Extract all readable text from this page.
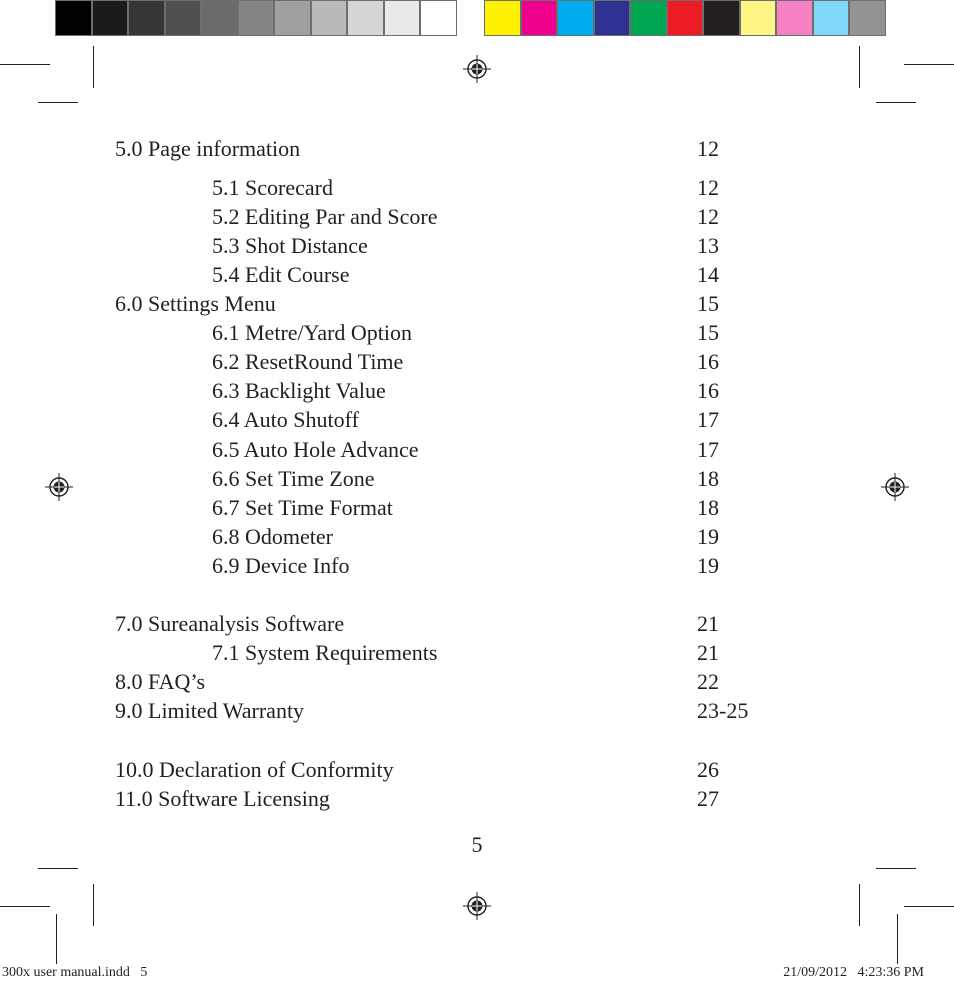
5.0 Page information	12
5.1 Scorecard	12
5.2 Editing Par and Score	12
5.3 Shot Distance	13
5.4 Edit Course	14
6.0 Settings Menu	15
6.1 Metre/Yard Option	15
6.2 ResetRound Time	16
6.3 Backlight Value	16
6.4 Auto Shutoff	17
6.5 Auto Hole Advance	17
6.6 Set Time Zone	18
6.7 Set Time Format	18
6.8 Odometer	19
6.9 Device Info	19
7.0 Sureanalysis Software	21
7.1 System Requirements	21
8.0 FAQ’s	22
9.0 Limited Warranty	23-25
10.0 Declaration of Conformity	26
11.0 Software Licensing	27
5
300x user manual.indd   5	21/09/2012   4:23:36 PM
